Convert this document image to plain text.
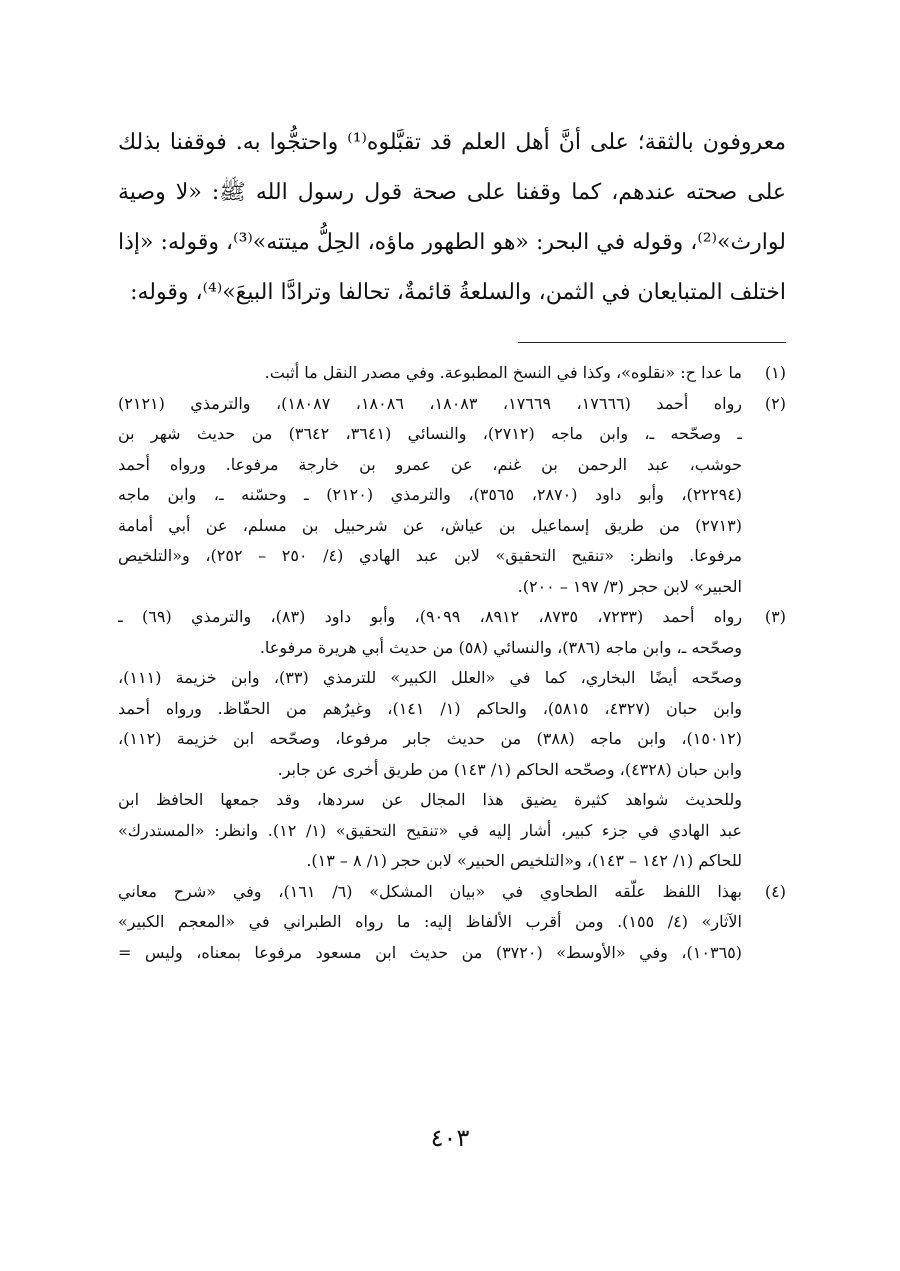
معروفون بالثقة؛ على أنَّ أهل العلم قد تقبَّلوه⁽¹⁾ واحتجُّوا به. فوقفنا بذلك
على صحته عندهم، كما وقفنا على صحة قول رسول الله ﷺ: «لا وصية
لوارث»⁽²⁾، وقوله في البحر: «هو الطهور ماؤه، الحِلُّ ميتته»⁽³⁾، وقوله: «إذا
اختلف المتبايعان في الثمن، والسلعةُ قائمةٌ، تحالفا وترادَّا البيعَ»⁽⁴⁾، وقوله:
(١)
ما عدا ح: «نقلوه»، وكذا في النسخ المطبوعة. وفي مصدر النقل ما أثبت.
(٢)
رواه أحمد (١٧٦٦٦، ١٧٦٦٩، ١٨٠٨٣، ١٨٠٨٦، ١٨٠٨٧)، والترمذي (٢١٢١)
ـ وصحّحه ـ، وابن ماجه (٢٧١٢)، والنسائي (٣٦٤١، ٣٦٤٢) من حديث شهر بن
حوشب، عبد الرحمن بن غنم، عن عمرو بن خارجة مرفوعا. ورواه أحمد
(٢٢٢٩٤)، وأبو داود (٢٨٧٠، ٣٥٦٥)، والترمذي (٢١٢٠) ـ وحسّنه ـ، وابن ماجه
(٢٧١٣) من طريق إسماعيل بن عياش، عن شرحبيل بن مسلم، عن أبي أمامة
مرفوعا. وانظر: «تنقيح التحقيق» لابن عبد الهادي (٤/ ٢٥٠ – ٢٥٢)، و«التلخيص
الحبير» لابن حجر (٣/ ١٩٧ – ٢٠٠).
(٣)
رواه أحمد (٧٢٣٣، ٨٧٣٥، ٨٩١٢، ٩٠٩٩)، وأبو داود (٨٣)، والترمذي (٦٩) ـ
وصحّحه ـ، وابن ماجه (٣٨٦)، والنسائي (٥٨) من حديث أبي هريرة مرفوعا.
وصحّحه أيضًا البخاري، كما في «العلل الكبير» للترمذي (٣٣)، وابن خزيمة (١١١)،
وابن حبان (٤٣٢٧، ٥٨١٥)، والحاكم (١/ ١٤١)، وغيرُهم من الحفّاظ. ورواه أحمد
(١٥٠١٢)، وابن ماجه (٣٨٨) من حديث جابر مرفوعا، وصحّحه ابن خزيمة (١١٢)،
وابن حبان (٤٣٢٨)، وصحّحه الحاكم (١/ ١٤٣) من طريق أخرى عن جابر.
وللحديث شواهد كثيرة يضيق هذا المجال عن سردها، وقد جمعها الحافظ ابن
عبد الهادي في جزء كبير، أشار إليه في «تنقيح التحقيق» (١/ ١٢). وانظر: «المستدرك»
للحاكم (١/ ١٤٢ – ١٤٣)، و«التلخيص الحبير» لابن حجر (١/ ٨ – ١٣).
(٤)
بهذا اللفظ علّقه الطحاوي في «بيان المشكل» (٦/ ١٦١)، وفي «شرح معاني
الآثار» (٤/ ١٥٥). ومن أقرب الألفاظ إليه: ما رواه الطبراني في «المعجم الكبير»
(١٠٣٦٥)، وفي «الأوسط» (٣٧٢٠) من حديث ابن مسعود مرفوعا بمعناه، وليس =
٤٠٣
